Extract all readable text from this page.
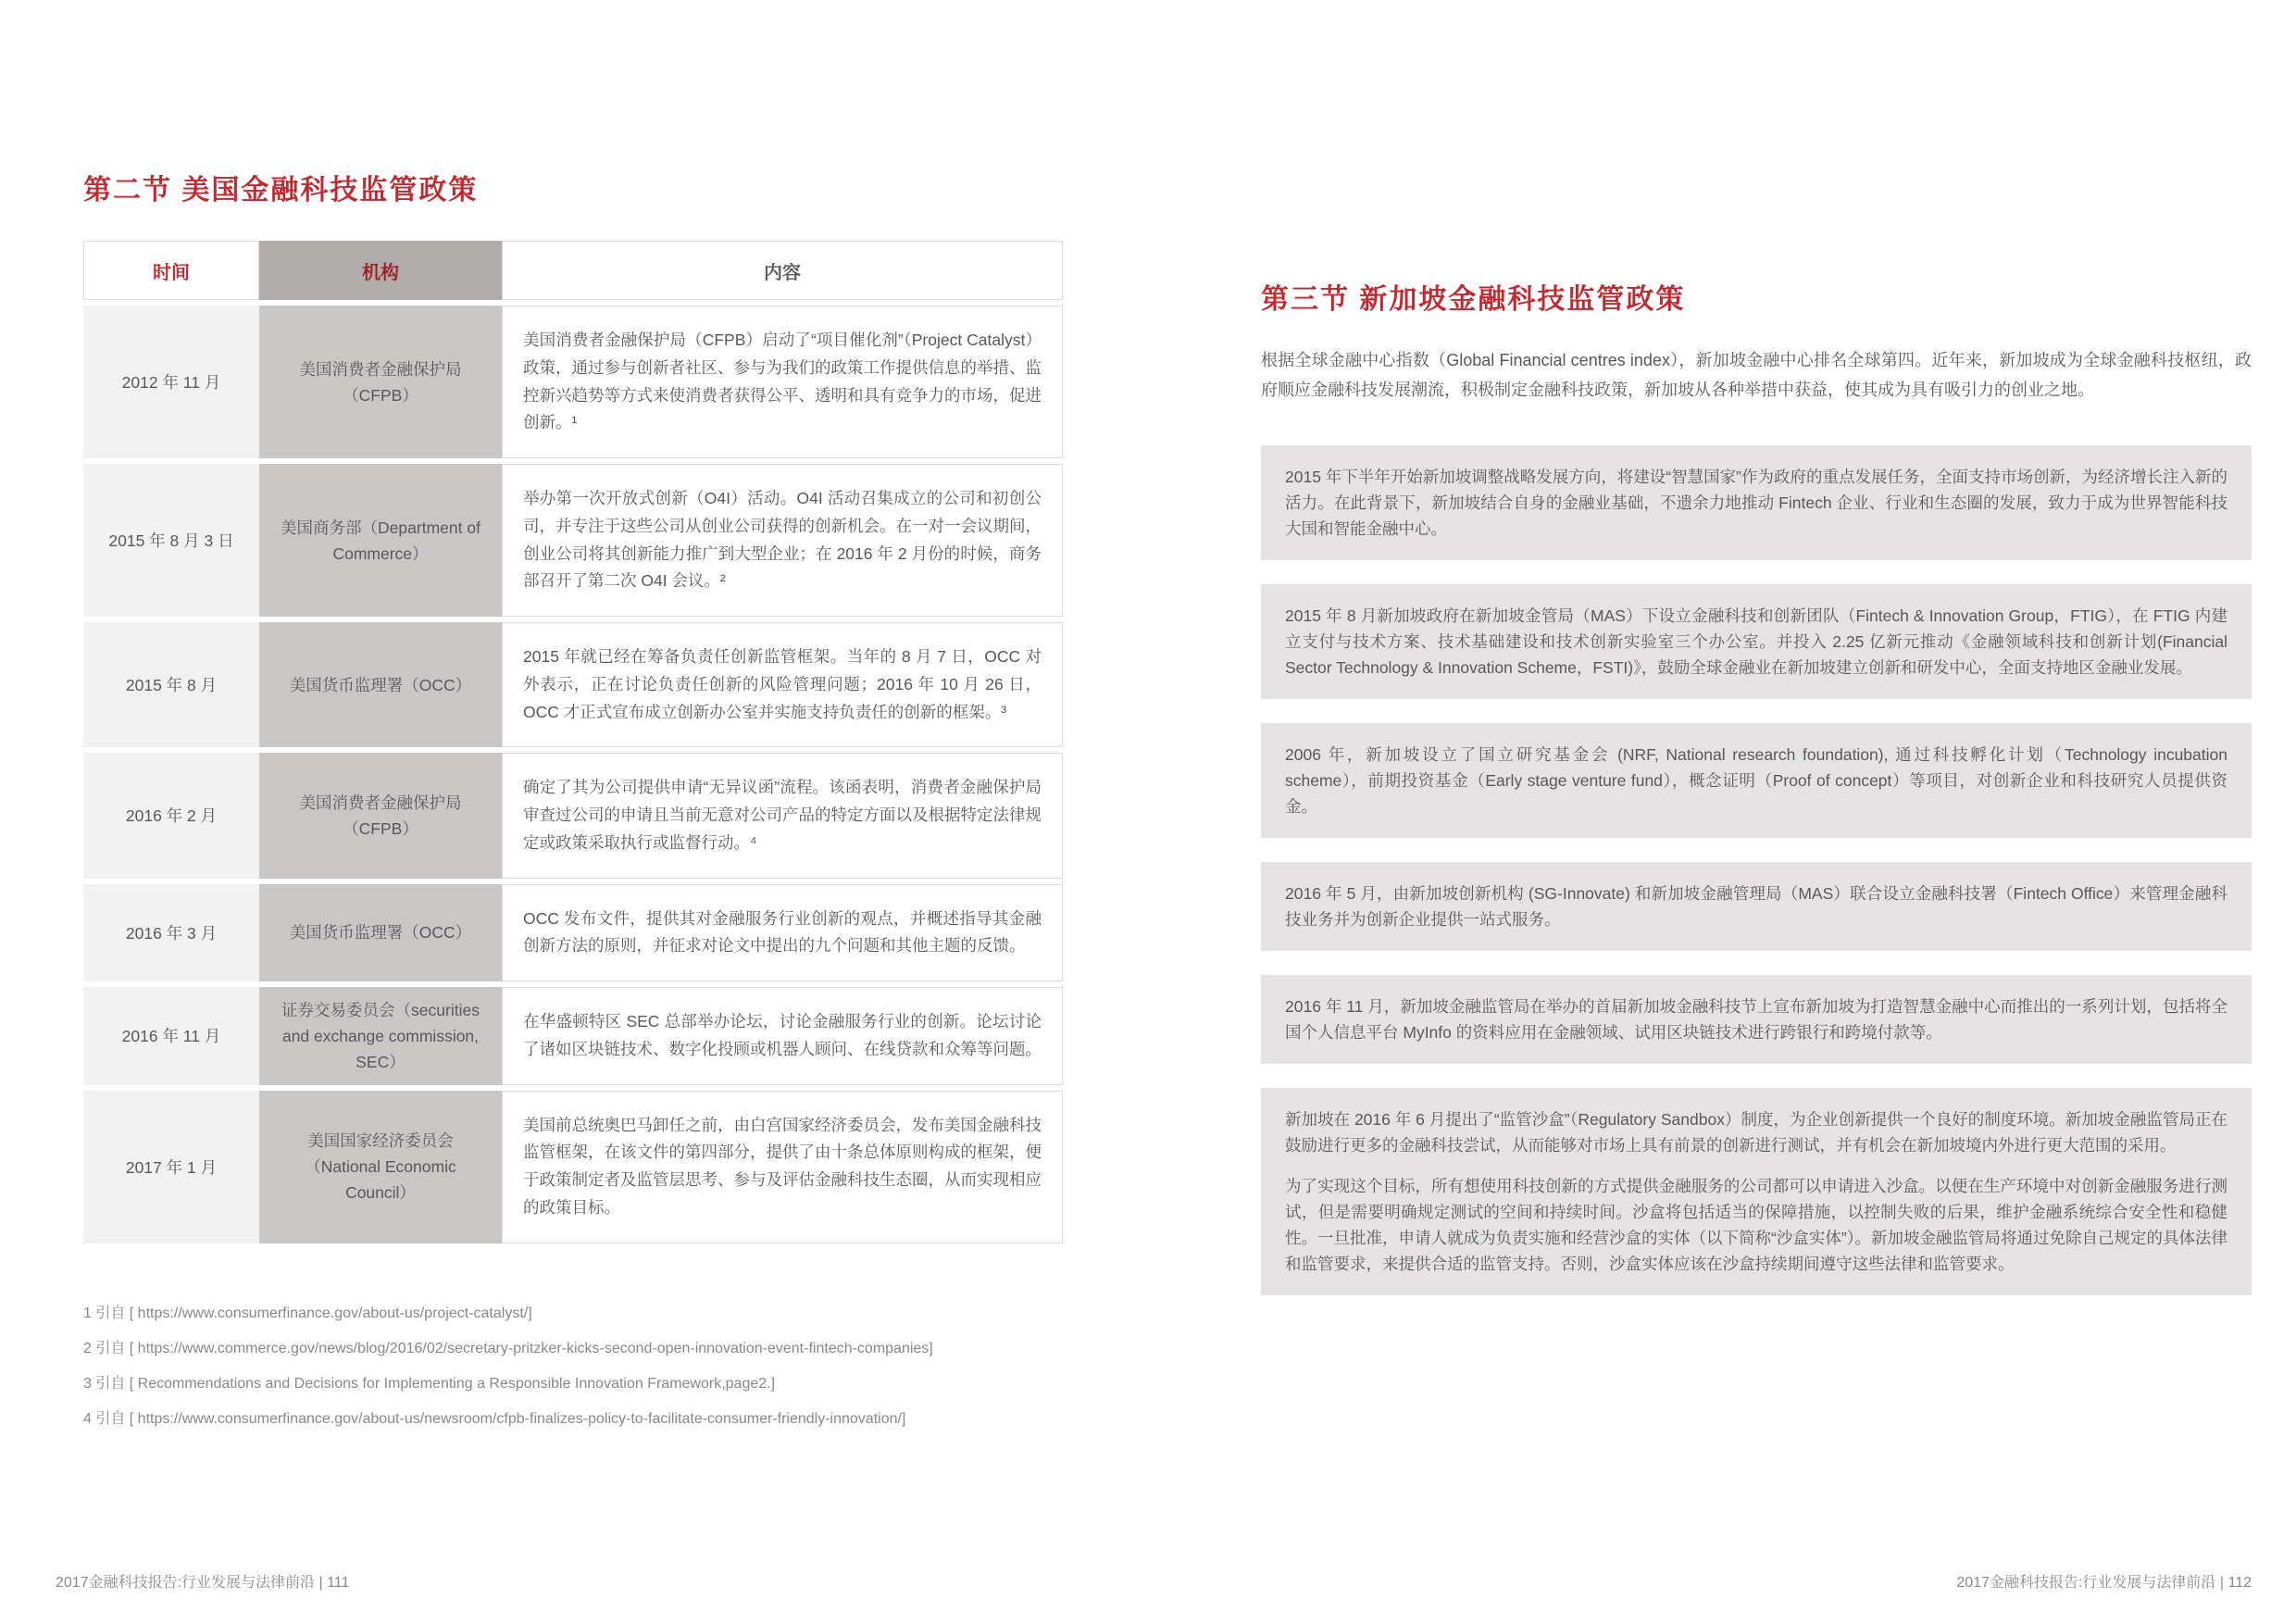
第二节 美国金融科技监管政策
时间	机构	内容
2012 年 11 月	美国消费者金融保护局（CFPB）	美国消费者金融保护局（CFPB）启动了“项目催化剂”（Project Catalyst）政策，通过参与创新者社区、参与为我们的政策工作提供信息的举措、监控新兴趋势等方式来使消费者获得公平、透明和具有竞争力的市场，促进创新。¹
2015 年 8 月 3 日	美国商务部（Department of Commerce）	举办第一次开放式创新（O4I）活动。O4I 活动召集成立的公司和初创公司，并专注于这些公司从创业公司获得的创新机会。在一对一会议期间，创业公司将其创新能力推广到大型企业；在 2016 年 2 月份的时候，商务部召开了第二次 O4I 会议。²
2015 年 8 月	美国货币监理署（OCC）	2015 年就已经在筹备负责任创新监管框架。当年的 8 月 7 日，OCC 对外表示，正在讨论负责任创新的风险管理问题；2016 年 10 月 26 日，OCC 才正式宣布成立创新办公室并实施支持负责任的创新的框架。³
2016 年 2 月	美国消费者金融保护局（CFPB）	确定了其为公司提供申请“无异议函”流程。该函表明，消费者金融保护局审查过公司的申请且当前无意对公司产品的特定方面以及根据特定法律规定或政策采取执行或监督行动。⁴
2016 年 3 月	美国货币监理署（OCC）	OCC 发布文件，提供其对金融服务行业创新的观点，并概述指导其金融创新方法的原则，并征求对论文中提出的九个问题和其他主题的反馈。
2016 年 11 月	证券交易委员会（securities and exchange commission, SEC）	在华盛顿特区 SEC 总部举办论坛，讨论金融服务行业的创新。论坛讨论了诸如区块链技术、数字化投顾或机器人顾问、在线贷款和众筹等问题。
2017 年 1 月	美国国家经济委员会（National Economic Council）	美国前总统奥巴马卸任之前，由白宫国家经济委员会，发布美国金融科技监管框架，在该文件的第四部分，提供了由十条总体原则构成的框架，便于政策制定者及监管层思考、参与及评估金融科技生态圈，从而实现相应的政策目标。

1 引自 [ https://www.consumerfinance.gov/about-us/project-catalyst/]

2 引自 [ https://www.commerce.gov/news/blog/2016/02/secretary-pritzker-kicks-second-open-innovation-event-fintech-companies]

3 引自 [ Recommendations and Decisions for Implementing a Responsible Innovation Framework,page2.]

4 引自 [ https://www.consumerfinance.gov/about-us/newsroom/cfpb-finalizes-policy-to-facilitate-consumer-friendly-innovation/]

第三节 新加坡金融科技监管政策

根据全球金融中心指数（Global Financial centres index），新加坡金融中心排名全球第四。近年来，新加坡成为全球金融科技枢纽，政府顺应金融科技发展潮流，积极制定金融科技政策，新加坡从各种举措中获益，使其成为具有吸引力的创业之地。

2015 年下半年开始新加坡调整战略发展方向，将建设“智慧国家”作为政府的重点发展任务，全面支持市场创新，为经济增长注入新的活力。在此背景下，新加坡结合自身的金融业基础，不遗余力地推动 Fintech 企业、行业和生态圈的发展，致力于成为世界智能科技大国和智能金融中心。

2015 年 8 月新加坡政府在新加坡金管局（MAS）下设立金融科技和创新团队（Fintech & Innovation Group，FTIG），在 FTIG 内建立支付与技术方案、技术基础建设和技术创新实验室三个办公室。并投入 2.25 亿新元推动《金融领域科技和创新计划(Financial Sector Technology & Innovation Scheme，FSTI)》，鼓励全球金融业在新加坡建立创新和研发中心，全面支持地区金融业发展。

2006 年，新加坡设立了国立研究基金会 (NRF, National research foundation), 通过科技孵化计划（Technology incubation scheme），前期投资基金（Early stage venture fund），概念证明（Proof of concept）等项目，对创新企业和科技研究人员提供资金。

2016 年 5 月，由新加坡创新机构 (SG-Innovate) 和新加坡金融管理局（MAS）联合设立金融科技署（Fintech Office）来管理金融科技业务并为创新企业提供一站式服务。

2016 年 11 月，新加坡金融监管局在举办的首届新加坡金融科技节上宣布新加坡为打造智慧金融中心而推出的一系列计划，包括将全国个人信息平台 MyInfo 的资料应用在金融领域、试用区块链技术进行跨银行和跨境付款等。

新加坡在 2016 年 6 月提出了“监管沙盒”（Regulatory Sandbox）制度，为企业创新提供一个良好的制度环境。新加坡金融监管局正在鼓励进行更多的金融科技尝试，从而能够对市场上具有前景的创新进行测试，并有机会在新加坡境内外进行更大范围的采用。

为了实现这个目标，所有想使用科技创新的方式提供金融服务的公司都可以申请进入沙盒。以便在生产环境中对创新金融服务进行测试，但是需要明确规定测试的空间和持续时间。沙盒将包括适当的保障措施，以控制失败的后果，维护金融系统综合安全性和稳健性。一旦批准，申请人就成为负责实施和经营沙盒的实体（以下简称“沙盒实体”）。新加坡金融监管局将通过免除自己规定的具体法律和监管要求，来提供合适的监管支持。否则，沙盒实体应该在沙盒持续期间遵守这些法律和监管要求。

2017金融科技报告:行业发展与法律前沿 | 111	2017金融科技报告:行业发展与法律前沿 | 112
